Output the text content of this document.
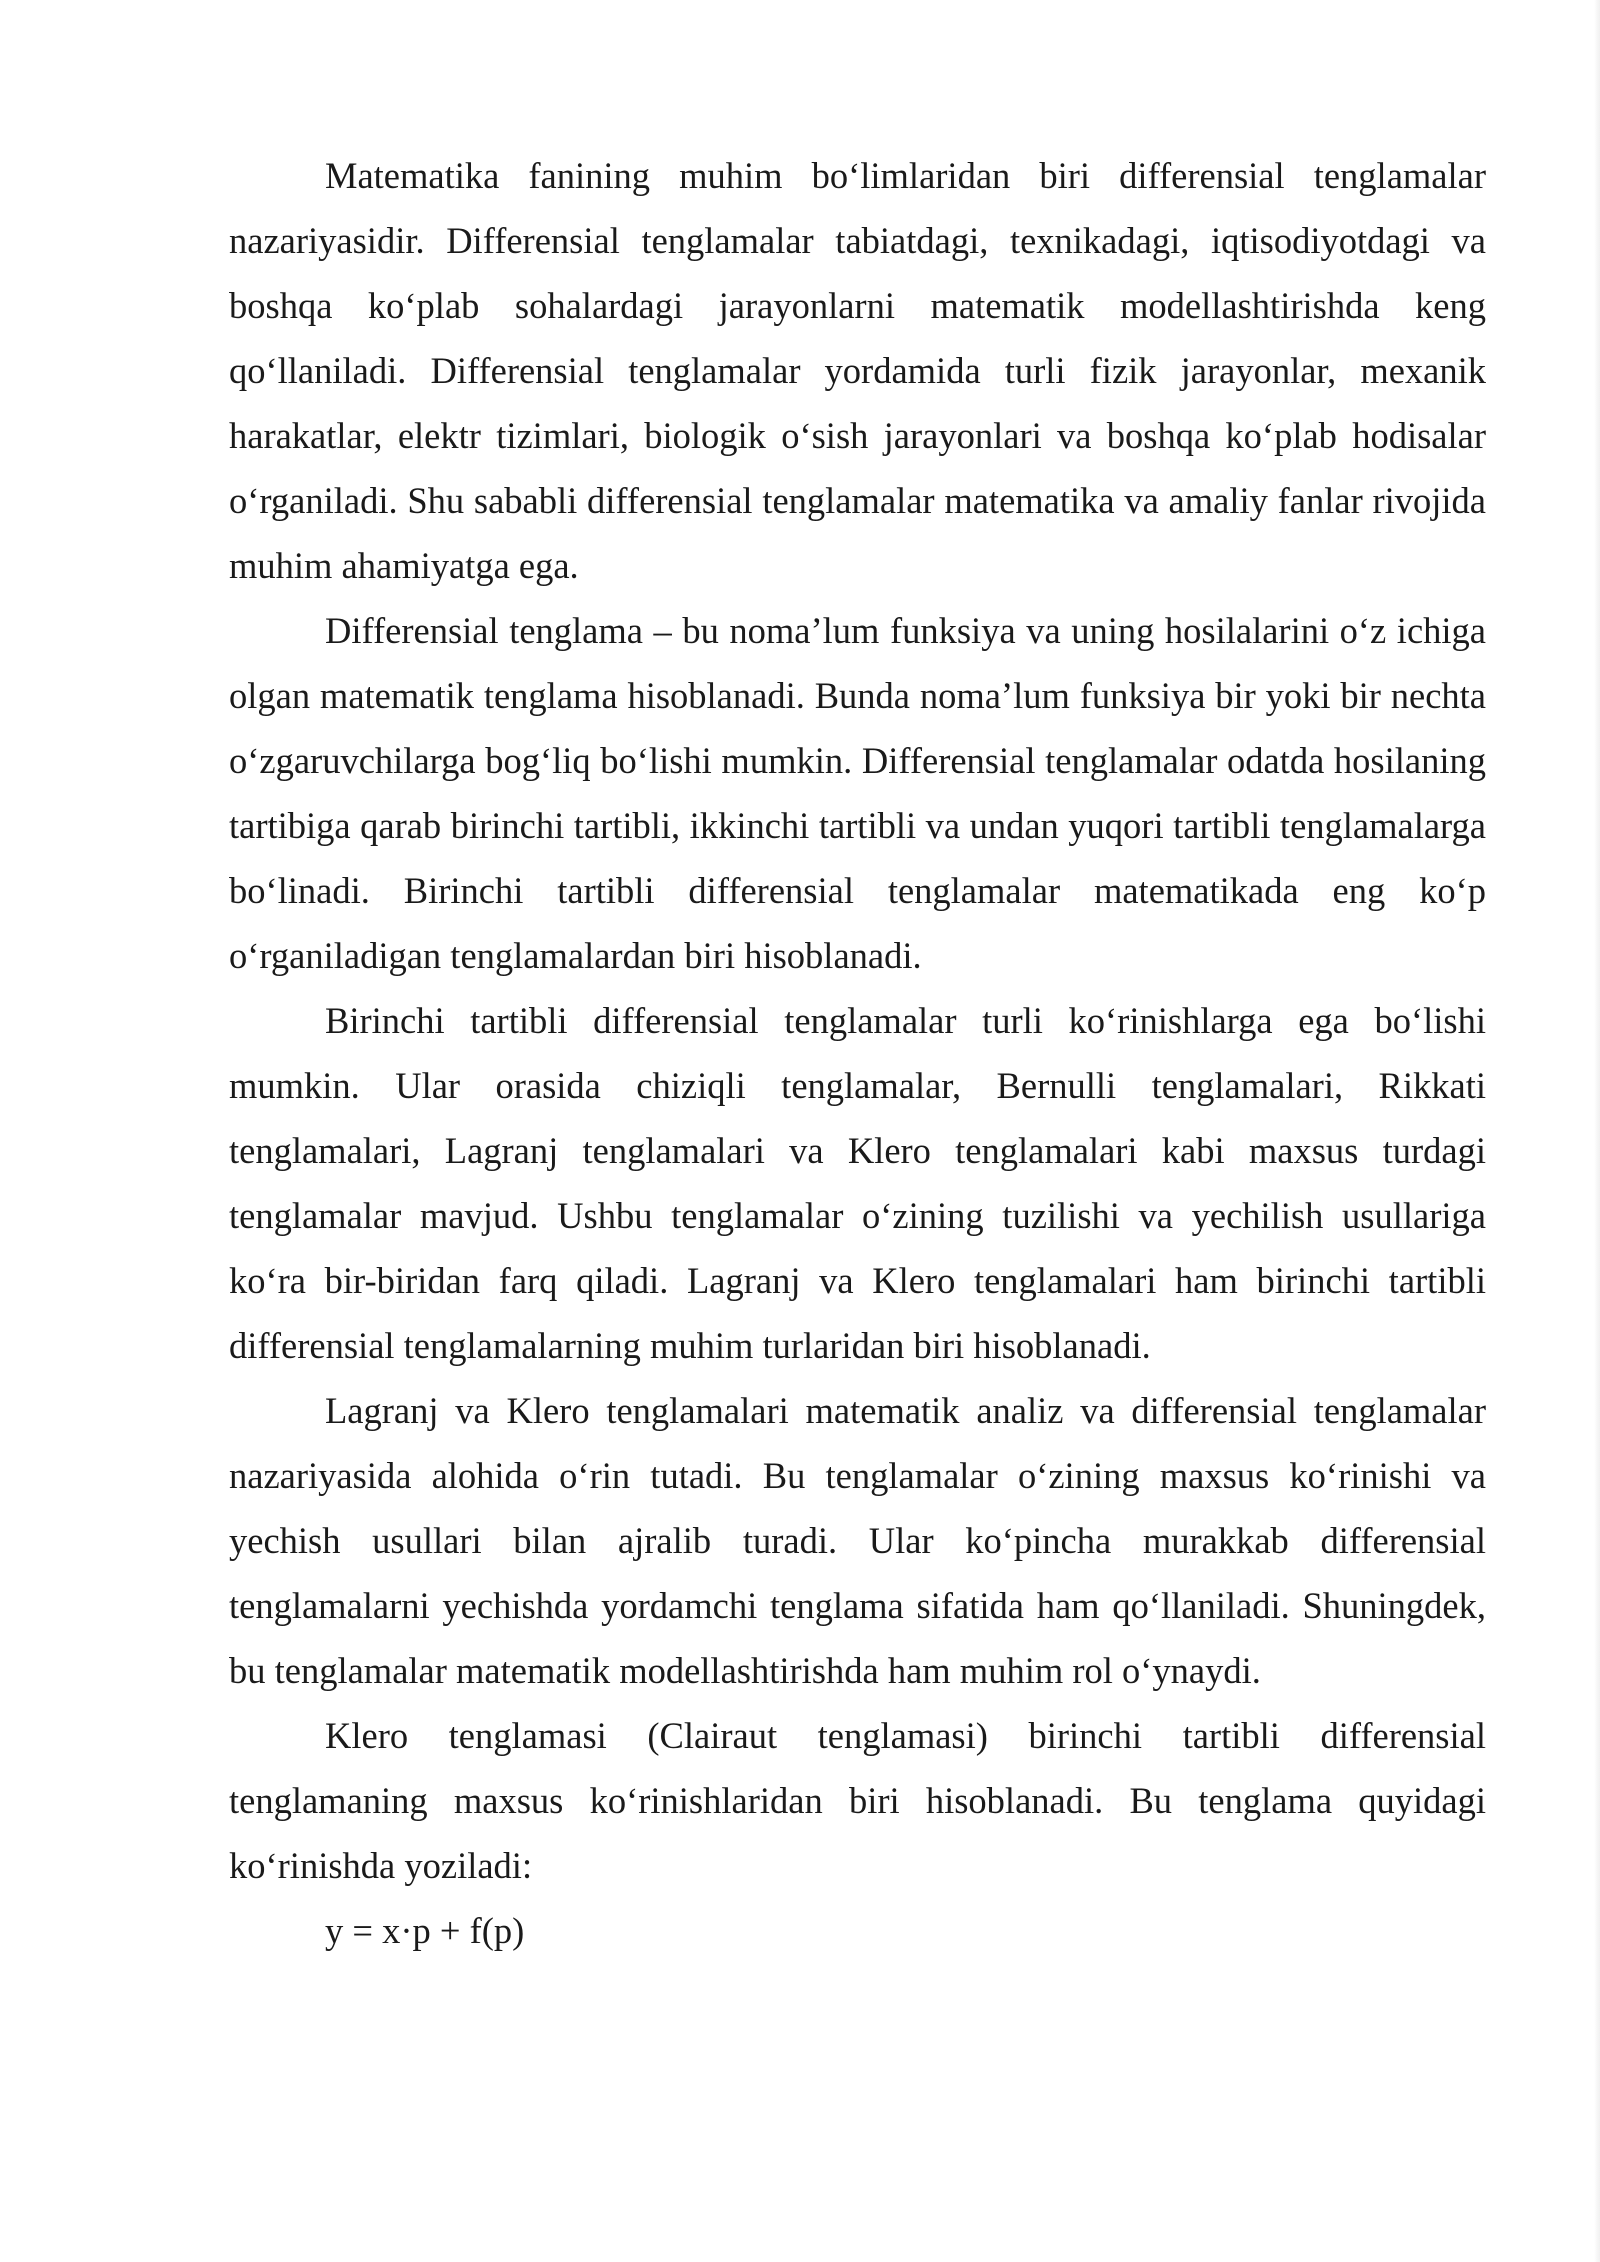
Matematika fanining muhim bo‘limlaridan biri differensial tenglamalar nazariyasidir. Differensial tenglamalar tabiatdagi, texnikadagi, iqtisodiyotdagi va boshqa ko‘plab sohalardagi jarayonlarni matematik modellashtirishda keng qo‘llaniladi. Differensial tenglamalar yordamida turli fizik jarayonlar, mexanik harakatlar, elektr tizimlari, biologik o‘sish jarayonlari va boshqa ko‘plab hodisalar o‘rganiladi. Shu sababli differensial tenglamalar matematika va amaliy fanlar rivojida muhim ahamiyatga ega.

Differensial tenglama – bu noma’lum funksiya va uning hosilalarini o‘z ichiga olgan matematik tenglama hisoblanadi. Bunda noma’lum funksiya bir yoki bir nechta o‘zgaruvchilarga bog‘liq bo‘lishi mumkin. Differensial tenglamalar odatda hosilaning tartibiga qarab birinchi tartibli, ikkinchi tartibli va undan yuqori tartibli tenglamalarga bo‘linadi. Birinchi tartibli differensial tenglamalar matematikada eng ko‘p o‘rganiladigan tenglamalardan biri hisoblanadi.

Birinchi tartibli differensial tenglamalar turli ko‘rinishlarga ega bo‘lishi mumkin. Ular orasida chiziqli tenglamalar, Bernulli tenglamalari, Rikkati tenglamalari, Lagranj tenglamalari va Klero tenglamalari kabi maxsus turdagi tenglamalar mavjud. Ushbu tenglamalar o‘zining tuzilishi va yechilish usullariga ko‘ra bir-biridan farq qiladi. Lagranj va Klero tenglamalari ham birinchi tartibli differensial tenglamalarning muhim turlaridan biri hisoblanadi.

Lagranj va Klero tenglamalari matematik analiz va differensial tenglamalar nazariyasida alohida o‘rin tutadi. Bu tenglamalar o‘zining maxsus ko‘rinishi va yechish usullari bilan ajralib turadi. Ular ko‘pincha murakkab differensial tenglamalarni yechishda yordamchi tenglama sifatida ham qo‘llaniladi. Shuningdek, bu tenglamalar matematik modellashtirishda ham muhim rol o‘ynaydi.

Klero tenglamasi (Clairaut tenglamasi) birinchi tartibli differensial tenglamaning maxsus ko‘rinishlaridan biri hisoblanadi. Bu tenglama quyidagi ko‘rinishda yoziladi:

y = x·p + f(p)
